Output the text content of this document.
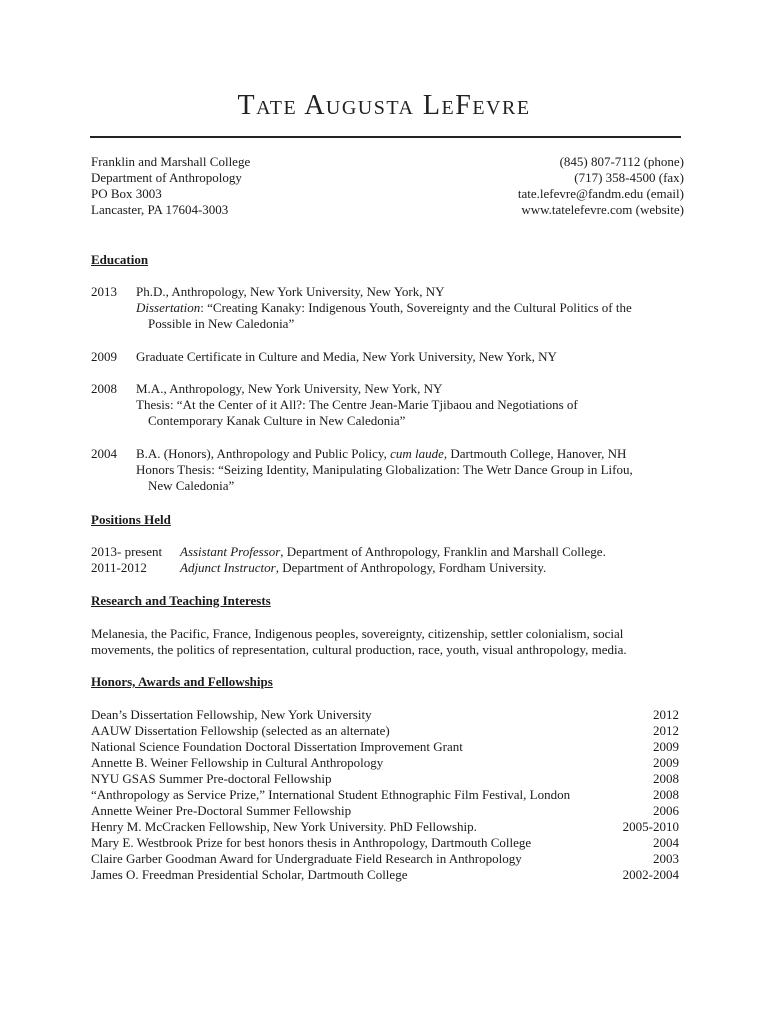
Tate Augusta LeFevre
Franklin and Marshall College	(845) 807-7112 (phone)
Department of Anthropology	(717) 358-4500 (fax)
PO Box 3003	tate.lefevre@fandm.edu (email)
Lancaster, PA 17604-3003	www.tatelefevre.com (website)
Education
2013	Ph.D., Anthropology, New York University, New York, NY
Dissertation: “Creating Kanaky: Indigenous Youth, Sovereignty and the Cultural Politics of the
Possible in New Caledonia”
2009	Graduate Certificate in Culture and Media, New York University, New York, NY
2008	M.A., Anthropology, New York University, New York, NY
Thesis: “At the Center of it All?: The Centre Jean-Marie Tjibaou and Negotiations of
Contemporary Kanak Culture in New Caledonia”
2004	B.A. (Honors), Anthropology and Public Policy, cum laude, Dartmouth College, Hanover, NH
Honors Thesis: “Seizing Identity, Manipulating Globalization: The Wetr Dance Group in Lifou,
New Caledonia”
Positions Held
2013- present Assistant Professor, Department of Anthropology, Franklin and Marshall College.
2011-2012	Adjunct Instructor, Department of Anthropology, Fordham University.
Research and Teaching Interests
Melanesia, the Pacific, France, Indigenous peoples, sovereignty, citizenship, settler colonialism, social
movements, the politics of representation, cultural production, race, youth, visual anthropology, media.
Honors, Awards and Fellowships
Dean’s Dissertation Fellowship, New York University	2012
AAUW Dissertation Fellowship (selected as an alternate)	2012
National Science Foundation Doctoral Dissertation Improvement Grant	2009
Annette B. Weiner Fellowship in Cultural Anthropology	2009
NYU GSAS Summer Pre-doctoral Fellowship	2008
“Anthropology as Service Prize,” International Student Ethnographic Film Festival, London	2008
Annette Weiner Pre-Doctoral Summer Fellowship	2006
Henry M. McCracken Fellowship, New York University. PhD Fellowship.	2005-2010
Mary E. Westbrook Prize for best honors thesis in Anthropology, Dartmouth College	2004
Claire Garber Goodman Award for Undergraduate Field Research in Anthropology	2003
James O. Freedman Presidential Scholar, Dartmouth College	2002-2004
